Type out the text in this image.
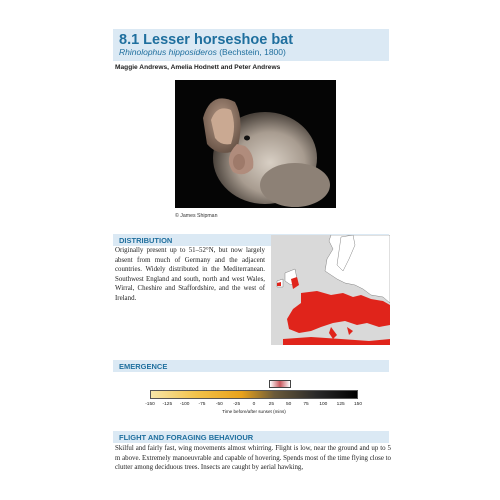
8.1 Lesser horseshoe bat
Rhinolophus hipposideros (Bechstein, 1800)
Maggie Andrews, Amelia Hodnett and Peter Andrews
© James Shipman
DISTRIBUTION
Originally present up to 51–52°N, but now largely absent from much of Germany and the adjacent countries. Widely distributed in the Mediterranean. Southwest England and south, north and west Wales, Wirral, Cheshire and Staffordshire, and the west of Ireland.
EMERGENCE
-150 -125 -100 -75 -50 -25	0	25 50	75 100 125 150
Time before/after sunset (mins)
FLIGHT AND FORAGING BEHAVIOUR
Skilful and fairly fast, wing movements almost whirring. Flight is low, near the ground and up to 5 m above. Extremely manoeuvrable and capable of hovering. Spends most of the time flying close to clutter among deciduous trees. Insects are caught by aerial hawking,
